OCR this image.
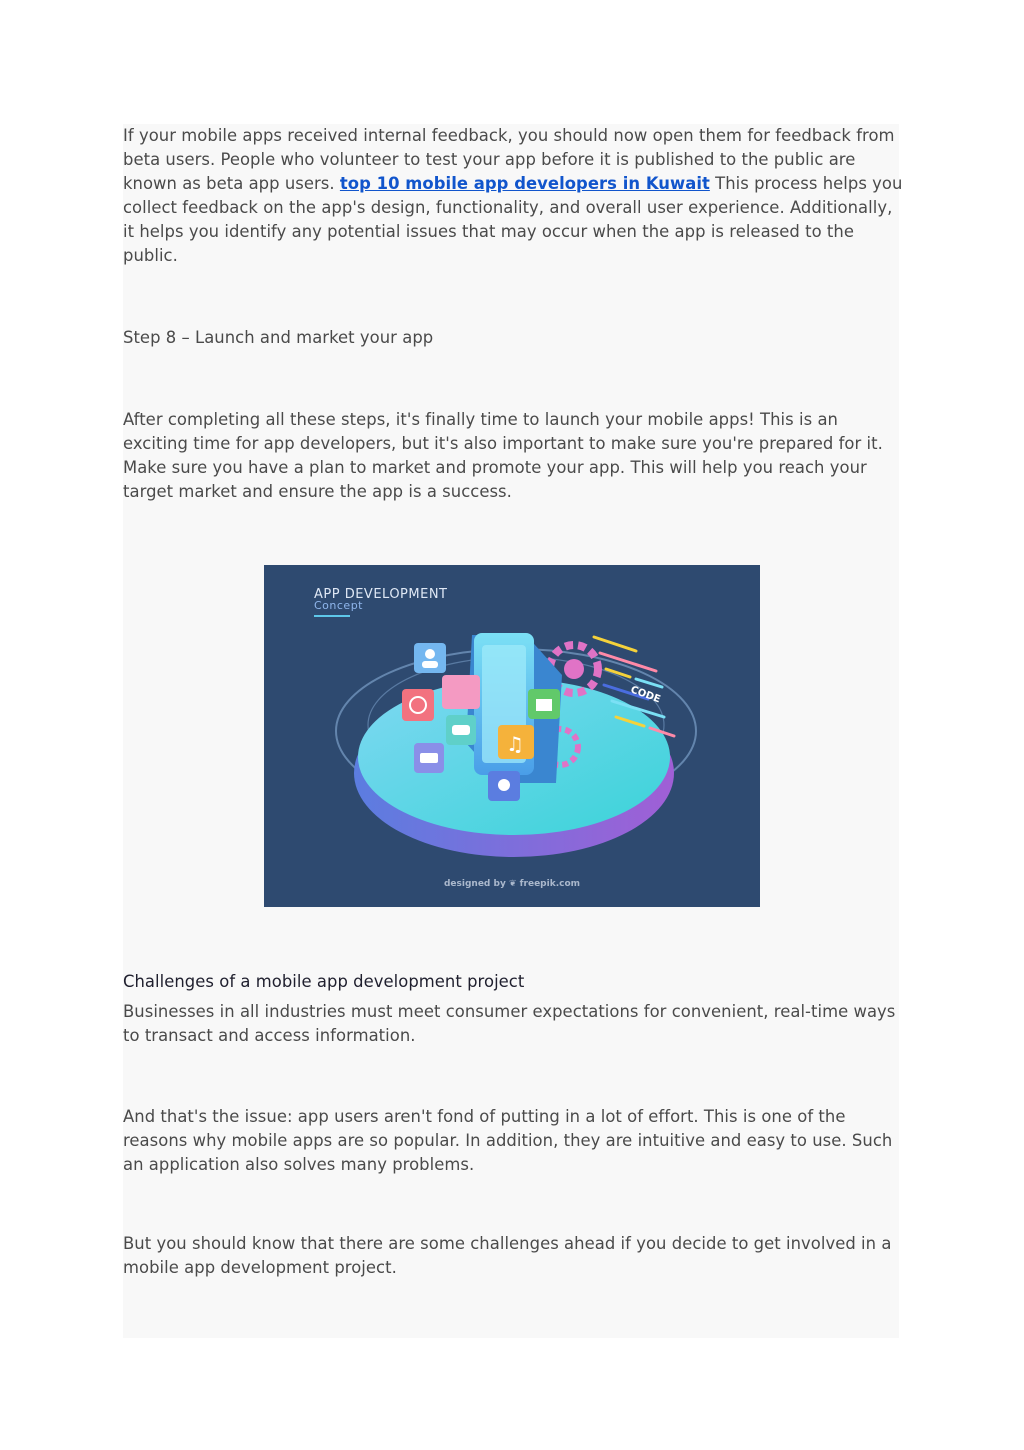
If your mobile apps received internal feedback, you should now open them for feedback from beta users. People who volunteer to test your app before it is published to the public are known as beta app users. top 10 mobile app developers in Kuwait This process helps you collect feedback on the app's design, functionality, and overall user experience. Additionally, it helps you identify any potential issues that may occur when the app is released to the public.

Step 8 – Launch and market your app

After completing all these steps, it's finally time to launch your mobile apps! This is an exciting time for app developers, but it's also important to make sure you're prepared for it. Make sure you have a plan to market and promote your app. This will help you reach your target market and ensure the app is a success.

CODE
♫
APP DEVELOPMENT
Concept
designed by ❦ freepik.com

Challenges of a mobile app development project

Businesses in all industries must meet consumer expectations for convenient, real-time ways to transact and access information.

And that's the issue: app users aren't fond of putting in a lot of effort. This is one of the reasons why mobile apps are so popular. In addition, they are intuitive and easy to use. Such an application also solves many problems.

But you should know that there are some challenges ahead if you decide to get involved in a mobile app development project.
